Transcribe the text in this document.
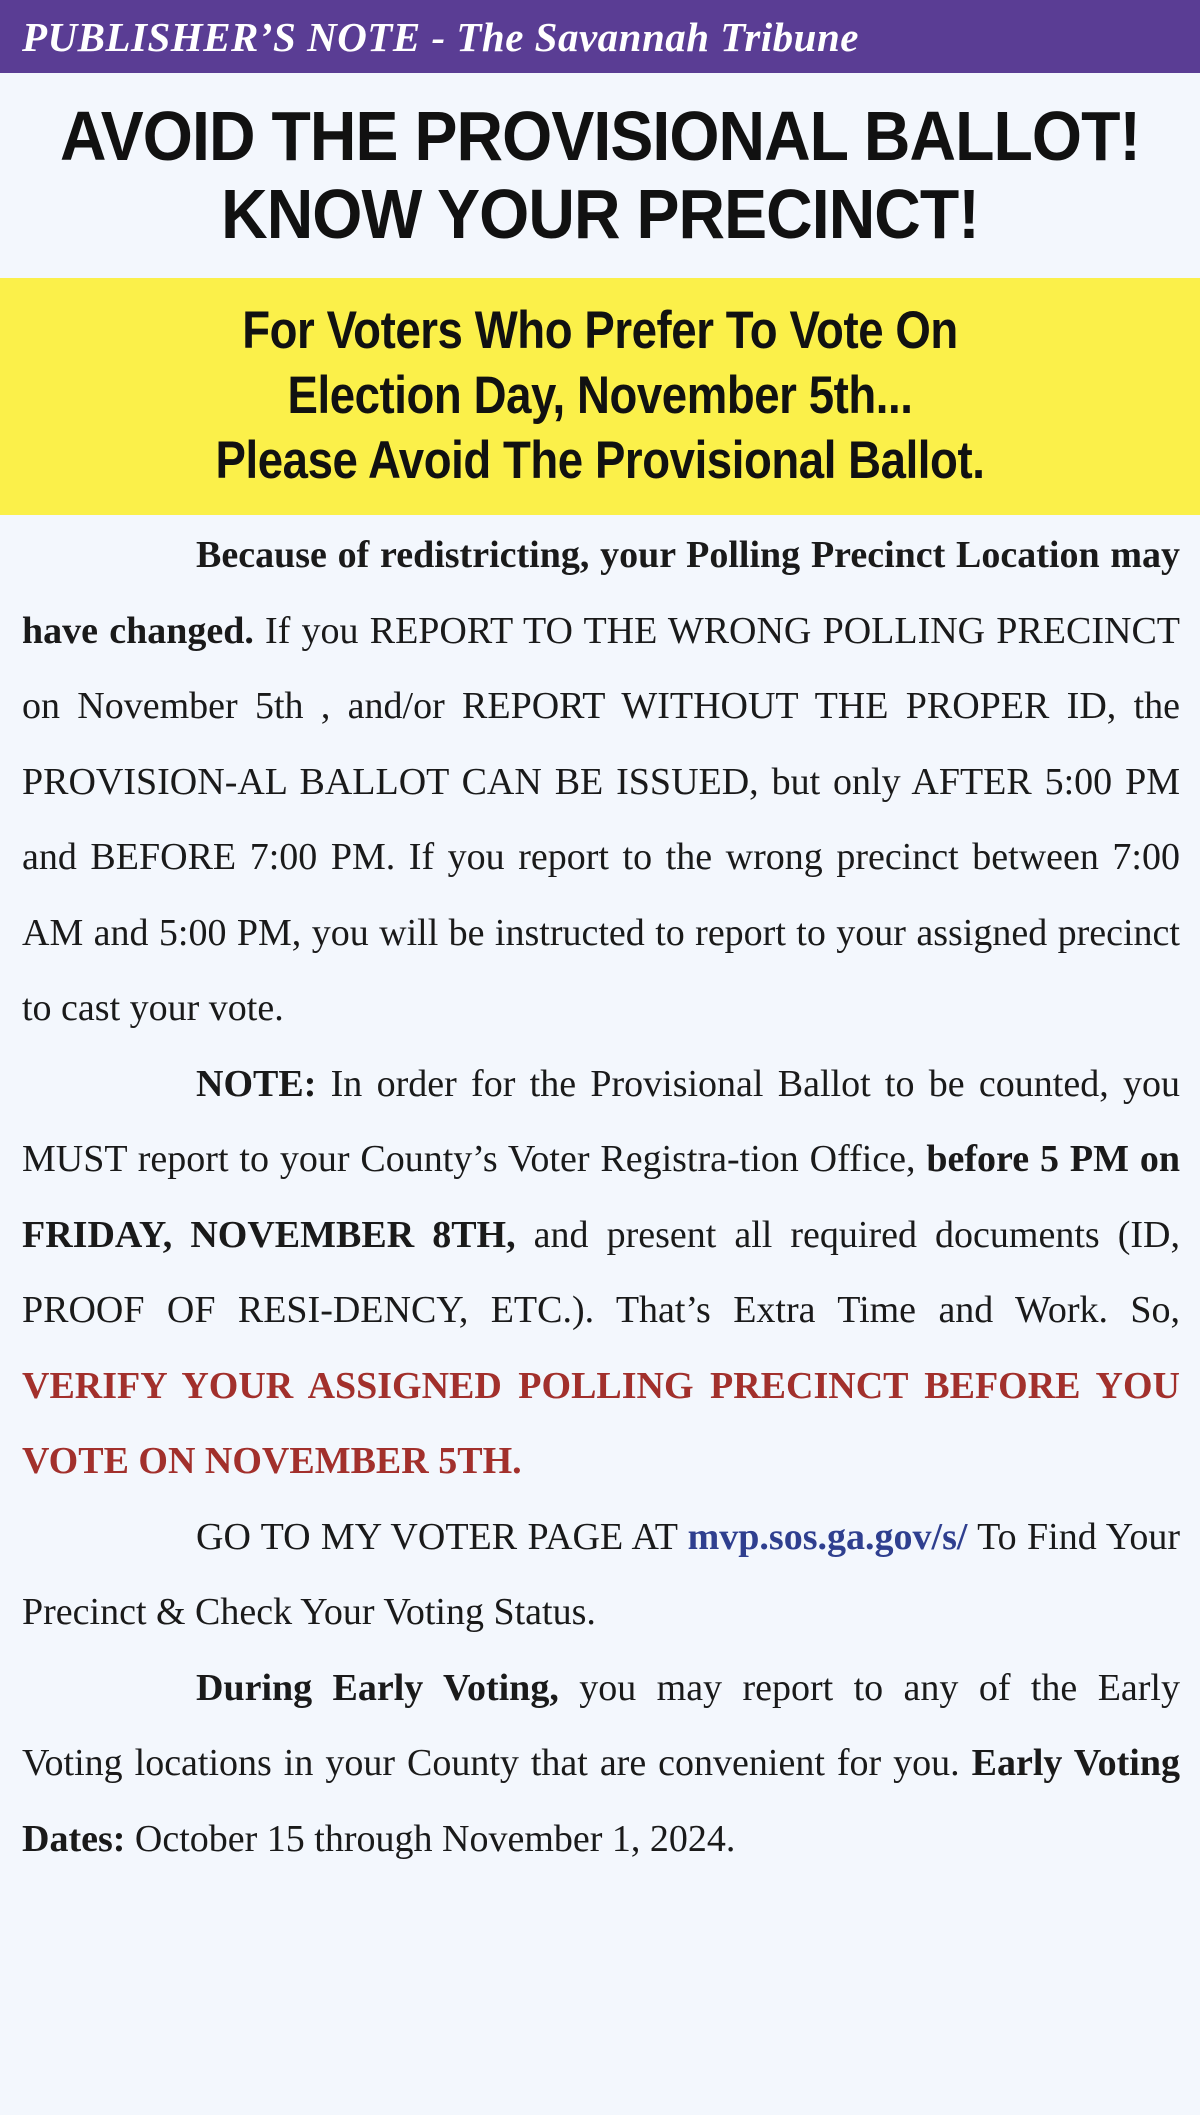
PUBLISHER’S NOTE - The Savannah Tribune
AVOID THE PROVISIONAL BALLOT!
KNOW YOUR PRECINCT!
For Voters Who Prefer To Vote On
Election Day, November 5th...
Please Avoid The Provisional Ballot.

Because of redistricting, your Polling Precinct Location may have changed. If you REPORT TO THE WRONG POLLING PRECINCT on November 5th , and/or REPORT WITHOUT THE PROPER ID, the PROVISION-AL BALLOT CAN BE ISSUED, but only AFTER 5:00 PM and BEFORE 7:00 PM. If you report to the wrong precinct between 7:00 AM and 5:00 PM, you will be instructed to report to your assigned precinct to cast your vote.

NOTE: In order for the Provisional Ballot to be counted, you MUST report to your County’s Voter Registra-tion Office, before 5 PM on FRIDAY, NOVEMBER 8TH, and present all required documents (ID, PROOF OF RESI-DENCY, ETC.). That’s Extra Time and Work. So, VERIFY YOUR ASSIGNED POLLING PRECINCT BEFORE YOU VOTE ON NOVEMBER 5TH.

GO TO MY VOTER PAGE AT mvp.sos.ga.gov/s/ To Find Your Precinct & Check Your Voting Status.

During Early Voting, you may report to any of the Early Voting locations in your County that are convenient for you. Early Voting Dates: October 15 through November 1, 2024.
